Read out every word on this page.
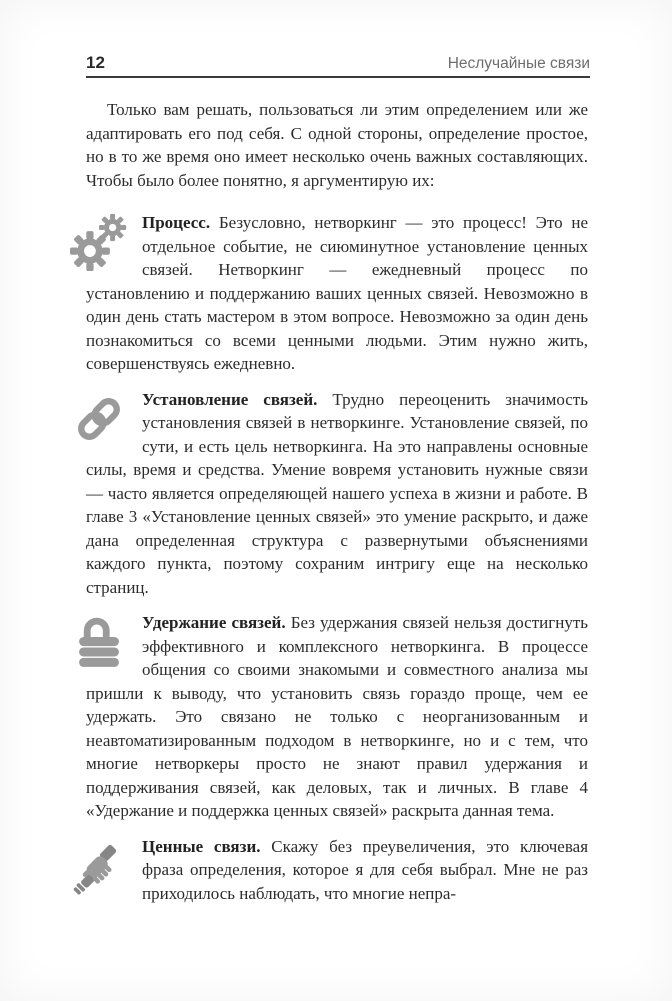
12	Неслучайные связи

Только вам решать, пользоваться ли этим определением или же адаптировать его под себя. С одной стороны, определение простое, но в то же время оно имеет несколько очень важных составляющих. Чтобы было более понятно, я аргументирую их:

Процесс. Безусловно, нетворкинг — это процесс! Это не отдельное событие, не сиюминутное установление ценных связей. Нетворкинг — ежедневный процесс по установлению и поддержанию ваших ценных связей. Невозможно в один день стать мастером в этом вопросе. Невозможно за один день познакомиться со всеми ценными людьми. Этим нужно жить, совершенствуясь ежедневно.
Установление связей. Трудно переоценить значимость установления связей в нетворкинге. Установление связей, по сути, и есть цель нетворкинга. На это направлены основные силы, время и средства. Умение вовремя установить нужные связи — часто является определяющей нашего успеха в жизни и работе. В главе 3 «Установление ценных связей» это умение раскрыто, и даже дана определенная структура с развернутыми объяснениями каждого пункта, поэтому сохраним интригу еще на несколько страниц.
Удержание связей. Без удержания связей нельзя достигнуть эффективного и комплексного нетворкинга. В процессе общения со своими знакомыми и совместного анализа мы пришли к выводу, что установить связь гораздо проще, чем ее удержать. Это связано не только с неорганизованным и неавтоматизированным подходом в нетворкинге, но и с тем, что многие нетворкеры просто не знают правил удержания и поддерживания связей, как деловых, так и личных. В главе 4 «Удержание и поддержка ценных связей» раскрыта данная тема.
Ценные связи. Скажу без преувеличения, это ключевая фраза определения, которое я для себя выбрал. Мне не раз приходилось наблюдать, что многие непра-
